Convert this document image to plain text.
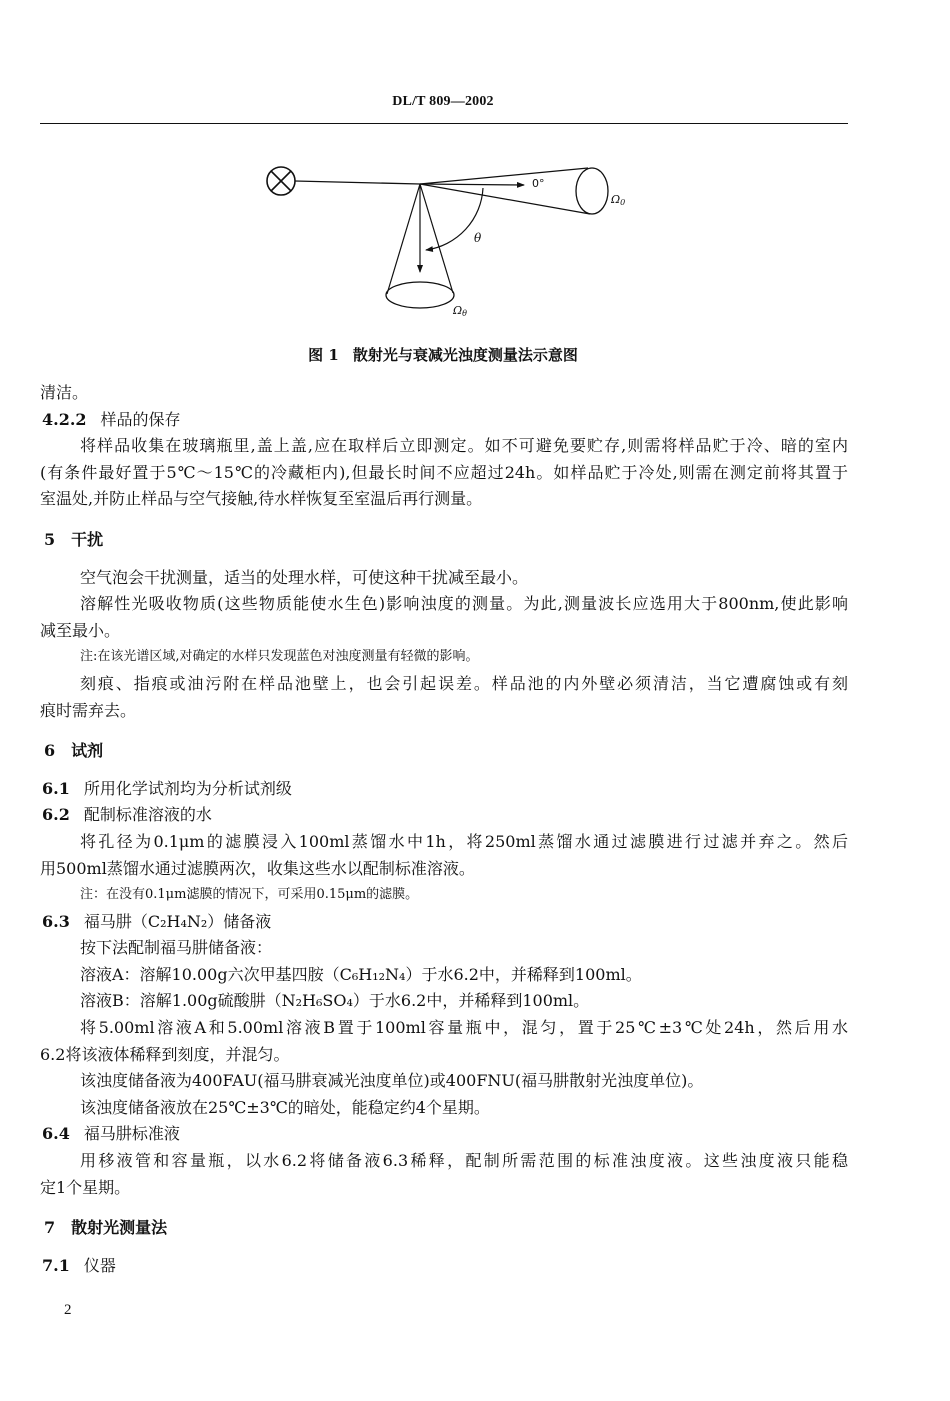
DL/T 809—2002
0°
Ω0
θ
Ωθ
图 1 散射光与衰减光浊度测量法示意图
清洁。
4.2.2 样品的保存
将样品收集在玻璃瓶里,盖上盖,应在取样后立即测定。如不可避免要贮存,则需将样品贮于冷、暗的室内
(有条件最好置于5℃～15℃的冷藏柜内),但最长时间不应超过24h。如样品贮于冷处,则需在测定前将其置于
室温处,并防止样品与空气接触,待水样恢复至室温后再行测量。
5 干扰
空气泡会干扰测量，适当的处理水样，可使这种干扰减至最小。
溶解性光吸收物质(这些物质能使水生色)影响浊度的测量。为此,测量波长应选用大于800nm,使此影响
减至最小。
注:在该光谱区域,对确定的水样只发现蓝色对浊度测量有轻微的影响。
刻痕、指痕或油污附在样品池壁上，也会引起误差。样品池的内外壁必须清洁，当它遭腐蚀或有刻
痕时需弃去。
6 试剂
6.1 所用化学试剂均为分析试剂级
6.2 配制标准溶液的水
将孔径为0.1μm的滤膜浸入100ml蒸馏水中1h，将250ml蒸馏水通过滤膜进行过滤并弃之。然后
用500ml蒸馏水通过滤膜两次，收集这些水以配制标准溶液。
注：在没有0.1μm滤膜的情况下，可采用0.15μm的滤膜。
6.3 福马肼（C₂H₄N₂）储备液
按下法配制福马肼储备液：
溶液A：溶解10.00g六次甲基四胺（C₆H₁₂N₄）于水6.2中，并稀释到100ml。
溶液B：溶解1.00g硫酸肼（N₂H₆SO₄）于水6.2中，并稀释到100ml。
将5.00ml溶液A和5.00ml溶液B置于100ml容量瓶中，混匀，置于25℃±3℃处24h，然后用水
6.2将该液体稀释到刻度，并混匀。
该浊度储备液为400FAU(福马肼衰减光浊度单位)或400FNU(福马肼散射光浊度单位)。
该浊度储备液放在25℃±3℃的暗处，能稳定约4个星期。
6.4 福马肼标准液
用移液管和容量瓶，以水6.2将储备液6.3稀释，配制所需范围的标准浊度液。这些浊度液只能稳
定1个星期。
7 散射光测量法
7.1 仪器
2
